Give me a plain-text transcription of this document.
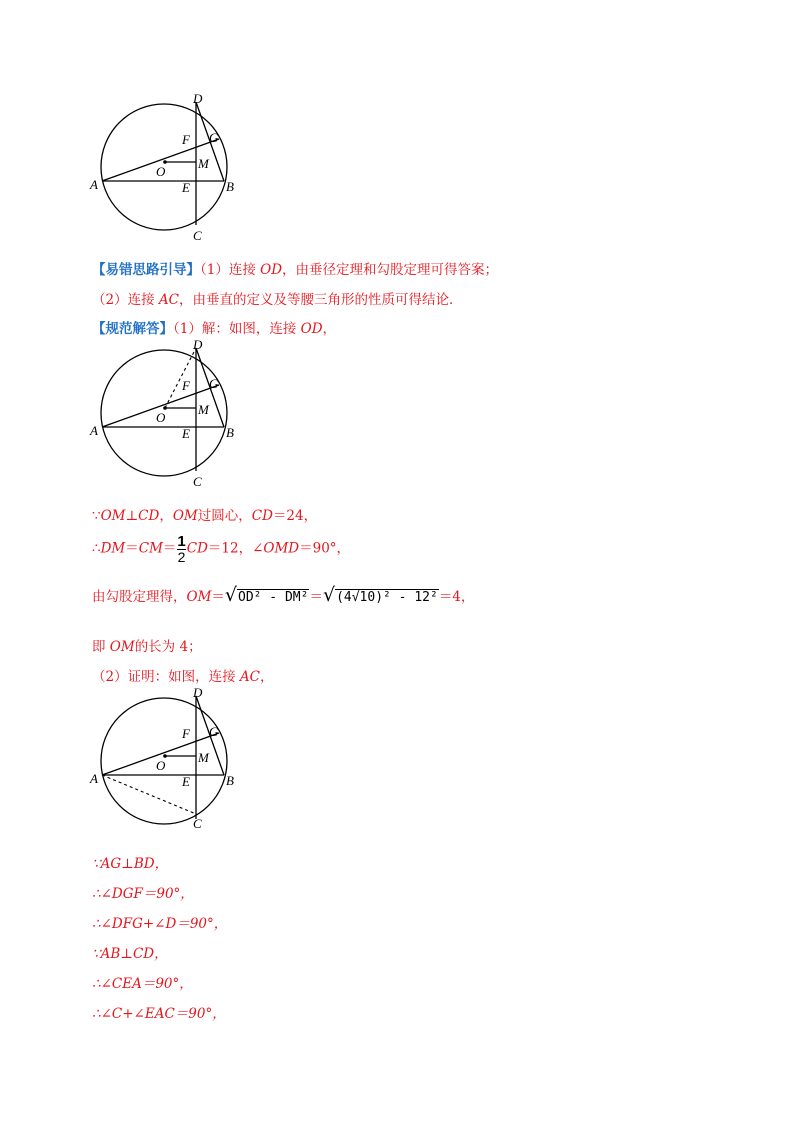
D
G
F
M
O
A	E	B
C
【易错思路引导】（1）连接 OD，由垂径定理和勾股定理可得答案；
（2）连接 AC，由垂直的定义及等腰三角形的性质可得结论．
【规范解答】（1）解：如图，连接 OD，
D
G
F
M
O
A	E	B
C
∵OM⊥CD，OM过圆心，CD＝24，
∴DM＝CM＝ $\frac{1}{2} CD=12$，∠OMD＝90°，
由勾股定理得，OM＝√OD² - DM²＝√(4√10)² - 12²＝4，
即 OM的长为 4；
（2）证明：如图，连接 AC，
D
G
F
M
O
A	E	B
C
∵AG⊥BD，
∴∠DGF＝90°，
∴∠DFG+∠D＝90°，
∵AB⊥CD，
∴∠CEA＝90°，
∴∠C+∠EAC＝90°，
